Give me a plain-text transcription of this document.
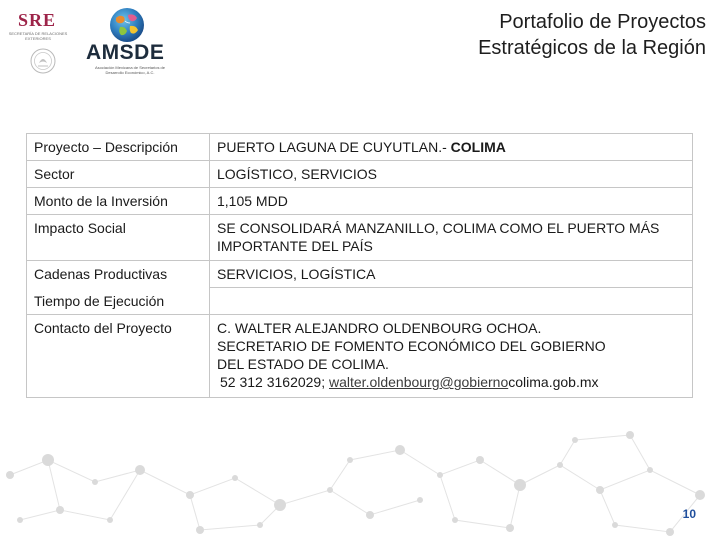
SRE
SECRETARÍA DE RELACIONES EXTERIORES
AMSDE
Asociación Mexicana de Secretarios de Desarrollo Económico, A.C.
Portafolio de Proyectos
Estratégicos de la Región
Proyecto – Descripción	PUERTO LAGUNA DE CUYUTLAN.- COLIMA
Sector	LOGÍSTICO, SERVICIOS
Monto de la Inversión	1,105 MDD
Impacto Social	SE CONSOLIDARÁ MANZANILLO, COLIMA COMO EL PUERTO MÁS IMPORTANTE DEL PAÍS
Cadenas Productivas	SERVICIOS, LOGÍSTICA
Tiempo de Ejecución	
Contacto del Proyecto	C. WALTER ALEJANDRO OLDENBOURG OCHOA.
SECRETARIO DE FOMENTO ECONÓMICO DEL GOBIERNO
DEL ESTADO DE COLIMA.
52 312 3162029; walter.oldenbourg@gobiernocolima.gob.mx
10
